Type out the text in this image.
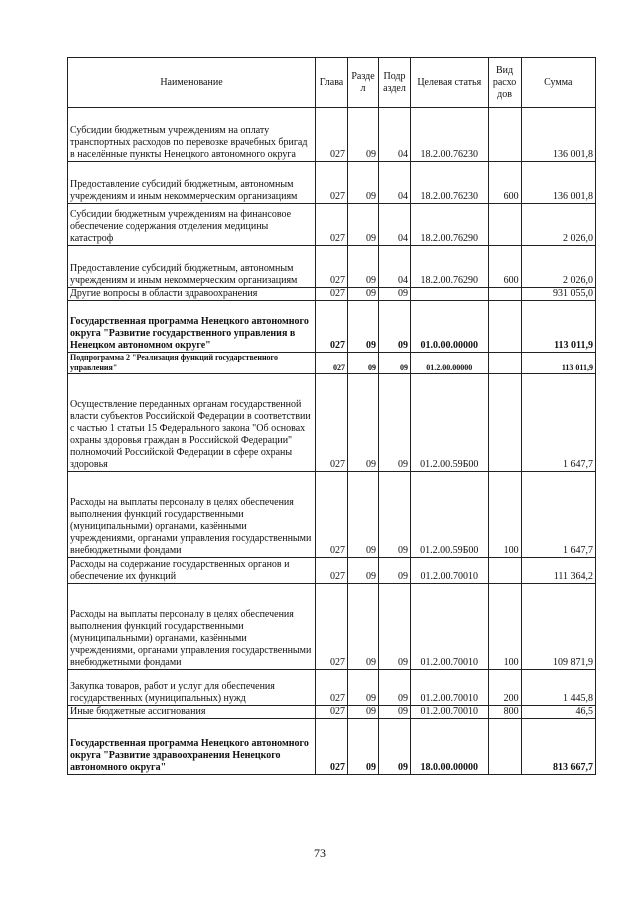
Наименование	Глава	Разде л	Подр аздел	Целевая статья	Вид расхо дов	Сумма
Субсидии бюджетным учреждениям на оплату транспортных расходов по перевозке врачебных бригад в населённые пункты Ненецкого автономного округа	027	09	04	18.2.00.76230		136 001,8
Предоставление субсидий бюджетным, автономным учреждениям и иным некоммерческим организациям	027	09	04	18.2.00.76230	600	136 001,8
Субсидии бюджетным учреждениям на финансовое обеспечение содержания отделения медицины катастроф	027	09	04	18.2.00.76290		2 026,0
Предоставление субсидий бюджетным, автономным учреждениям и иным некоммерческим организациям	027	09	04	18.2.00.76290	600	2 026,0
Другие вопросы в области здравоохранения	027	09	09			931 055,0
Государственная программа Ненецкого автономного округа "Развитие государственного управления в Ненецком автономном округе"	027	09	09	01.0.00.00000		113 011,9
Подпрограмма 2 "Реализация функций государственного управления"	027	09	09	01.2.00.00000		113 011,9
Осуществление переданных органам государственной власти субъектов Российской Федерации в соответствии с частью 1 статьи 15 Федерального закона "Об основах охраны здоровья граждан в Российской Федерации" полномочий Российской Федерации в сфере охраны здоровья	027	09	09	01.2.00.59Б00		1 647,7
Расходы на выплаты персоналу в целях обеспечения выполнения функций государственными (муниципальными) органами, казёнными учреждениями, органами управления государственными внебюджетными фондами	027	09	09	01.2.00.59Б00	100	1 647,7
Расходы на содержание государственных органов и обеспечение их функций	027	09	09	01.2.00.70010		111 364,2
Расходы на выплаты персоналу в целях обеспечения выполнения функций государственными (муниципальными) органами, казёнными учреждениями, органами управления государственными внебюджетными фондами	027	09	09	01.2.00.70010	100	109 871,9
Закупка товаров, работ и услуг для обеспечения государственных (муниципальных) нужд	027	09	09	01.2.00.70010	200	1 445,8
Иные бюджетные ассигнования	027	09	09	01.2.00.70010	800	46,5
Государственная программа Ненецкого автономного округа "Развитие здравоохранения Ненецкого автономного округа"	027	09	09	18.0.00.00000		813 667,7
73
